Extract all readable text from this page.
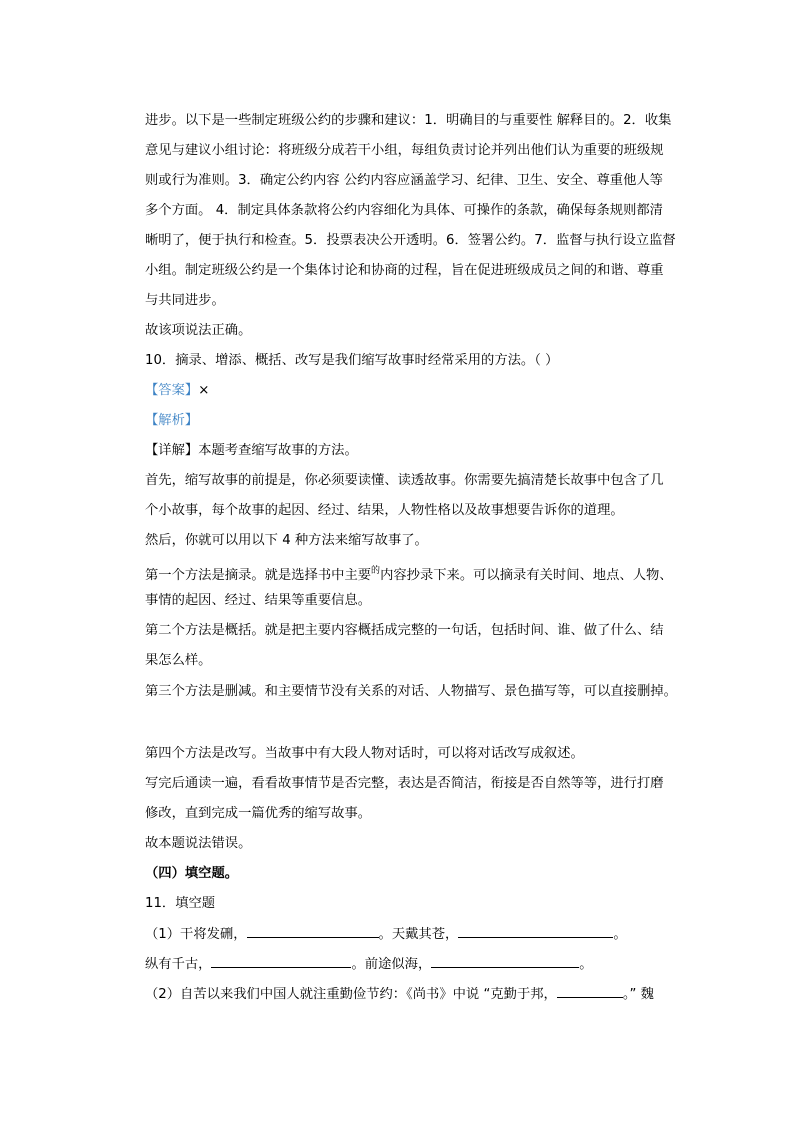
进步。以下是一些制定班级公约的步骤和建议：1．明确目的与重要性 解释目的。2．收集
意见与建议小组讨论：将班级分成若干小组，每组负责讨论并列出他们认为重要的班级规
则或行为准则。3．确定公约内容 公约内容应涵盖学习、纪律、卫生、安全、尊重他人等
多个方面。 4．制定具体条款将公约内容细化为具体、可操作的条款，确保每条规则都清
晰明了，便于执行和检查。5．投票表决公开透明。6．签署公约。7．监督与执行设立监督
小组。制定班级公约是一个集体讨论和协商的过程，旨在促进班级成员之间的和谐、尊重
与共同进步。
故该项说法正确。
10．摘录、增添、概括、改写是我们缩写故事时经常采用的方法。（ ）
【答案】×
【解析】
【详解】本题考查缩写故事的方法。
首先，缩写故事的前提是，你必须要读懂、读透故事。你需要先搞清楚长故事中包含了几
个小故事，每个故事的起因、经过、结果，人物性格以及故事想要告诉你的道理。
然后，你就可以用以下 4 种方法来缩写故事了。
第一个方法是摘录。就是选择书中主要$^的$内容抄录下来。可以摘录有关时间、地点、人物、
事情的起因、经过、结果等重要信息。
第二个方法是概括。就是把主要内容概括成完整的一句话，包括时间、谁、做了什么、结
果怎么样。
第三个方法是删减。和主要情节没有关系的对话、人物描写、景色描写等，可以直接删掉。
第四个方法是改写。当故事中有大段人物对话时，可以将对话改写成叙述。
写完后通读一遍，看看故事情节是否完整，表达是否简洁，衔接是否自然等等，进行打磨
修改，直到完成一篇优秀的缩写故事。
故本题说法错误。
（四）填空题。
11．填空题
（1）干将发硎，	。天戴其苍，	。
纵有千古，	。前途似海，	。
（2）自苦以来我们中国人就注重勤俭节约：《尚书》中说 “克勤于邦，	。” 魏
